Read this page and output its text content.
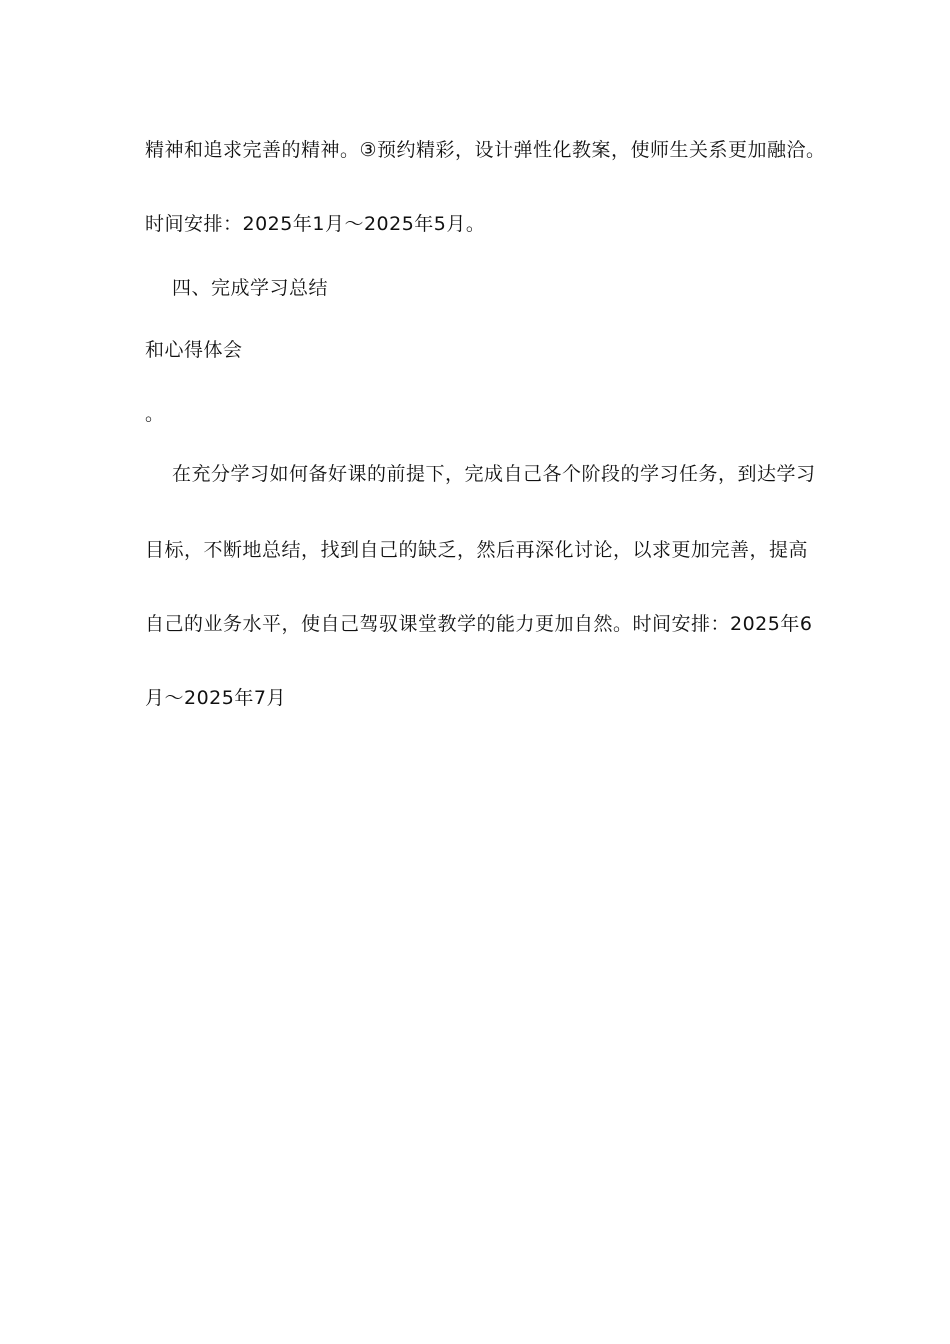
精神和追求完善的精神。③预约精彩，设计弹性化教案，使师生关系更加融洽。
时间安排：2025年1月～2025年5月。
四、完成学习总结
和心得体会
。
在充分学习如何备好课的前提下，完成自己各个阶段的学习任务，到达学习
目标，不断地总结，找到自己的缺乏，然后再深化讨论，以求更加完善，提高
自己的业务水平，使自己驾驭课堂教学的能力更加自然。时间安排：2025年6
月～2025年7月
